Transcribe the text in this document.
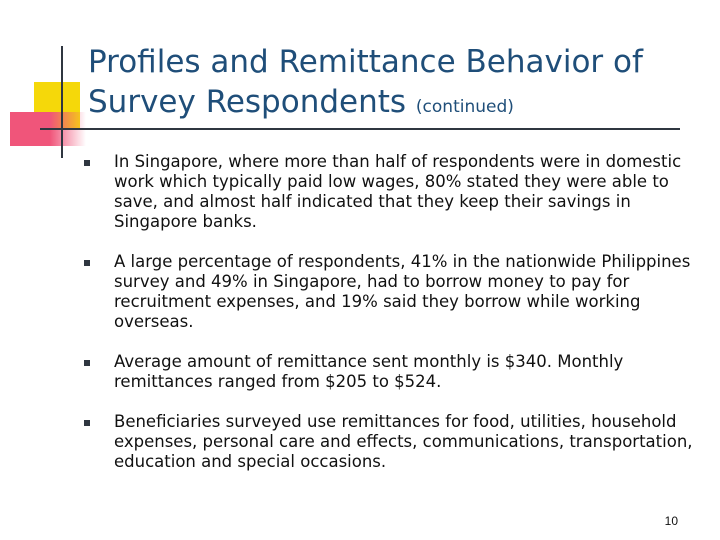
Profiles and Remittance Behavior of Survey Respondents (continued)
In Singapore, where more than half of respondents were in domestic work which typically paid low wages, 80% stated they were able to save, and almost half indicated that they keep their savings in Singapore banks.
A large percentage of respondents, 41% in the nationwide Philippines survey and 49% in Singapore, had to borrow money to pay for recruitment expenses, and 19% said they borrow while working overseas.
Average amount of remittance sent monthly is $340. Monthly remittances ranged from $205 to $524.
Beneficiaries surveyed use remittances for food, utilities, household expenses, personal care and effects, communications, transportation, education and special occasions.
10
